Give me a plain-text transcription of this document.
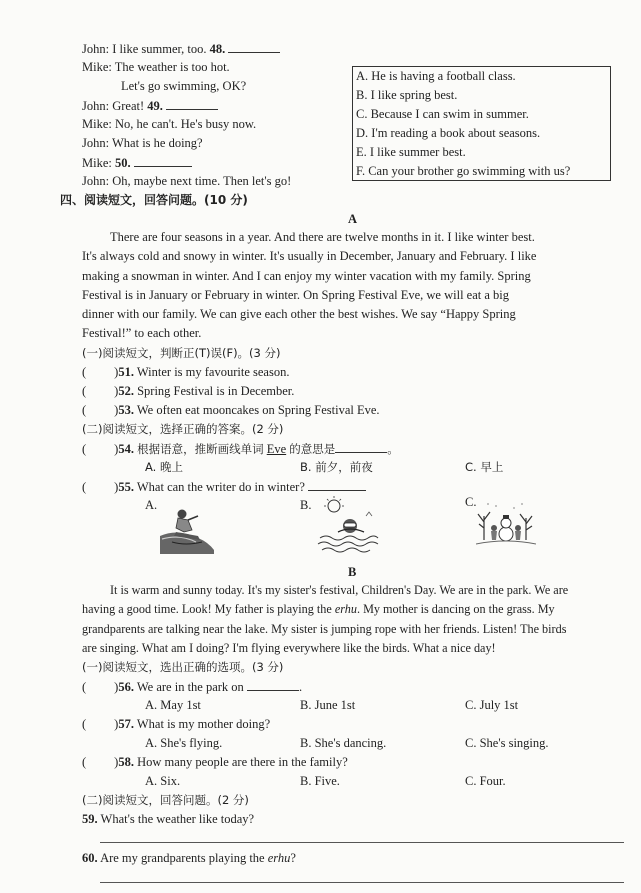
John: I like summer, too. 48.
Mike: The weather is too hot.
Let's go swimming, OK?
John: Great! 49.
Mike: No, he can't. He's busy now.
John: What is he doing?
Mike: 50.
John: Oh, maybe next time. Then let's go!
A. He is having a football class.
B. I like spring best.
C. Because I can swim in summer.
D. I'm reading a book about seasons.
E. I like summer best.
F. Can your brother go swimming with us?
四、阅读短文，回答问题。(10 分)
A
There are four seasons in a year. And there are twelve months in it. I like winter best.
It's always cold and snowy in winter. It's usually in December, January and February. I like
making a snowman in winter. And I can enjoy my winter vacation with my family. Spring
Festival is in January or February in winter. On Spring Festival Eve, we will eat a big
dinner with our family. We can give each other the best wishes. We say “Happy Spring
Festival!” to each other.
(一)阅读短文，判断正(T)误(F)。(3 分)
( )51. Winter is my favourite season.
( )52. Spring Festival is in December.
( )53. We often eat mooncakes on Spring Festival Eve.
(二)阅读短文，选择正确的答案。(2 分)
( )54. 根据语意，推断画线单词 Eve 的意思是	。
A. 晚上	B. 前夕，前夜	C. 早上
( )55. What can the writer do in winter?
A.	B.	C.
B
It is warm and sunny today. It's my sister's festival, Children's Day. We are in the park. We are
having a good time. Look! My father is playing the erhu. My mother is dancing on the grass. My
grandparents are talking near the lake. My sister is jumping rope with her friends. Listen! The birds
are singing. What am I doing? I'm flying everywhere like the birds. What a nice day!
(一)阅读短文，选出正确的选项。(3 分)
( )56. We are in the park on	.
A. May 1st	B. June 1st	C. July 1st
( )57. What is my mother doing?
A. She's flying.	B. She's dancing.	C. She's singing.
( )58. How many people are there in the family?
A. Six.	B. Five.	C. Four.
(二)阅读短文，回答问题。(2 分)
59. What's the weather like today?
60. Are my grandparents playing the erhu?
